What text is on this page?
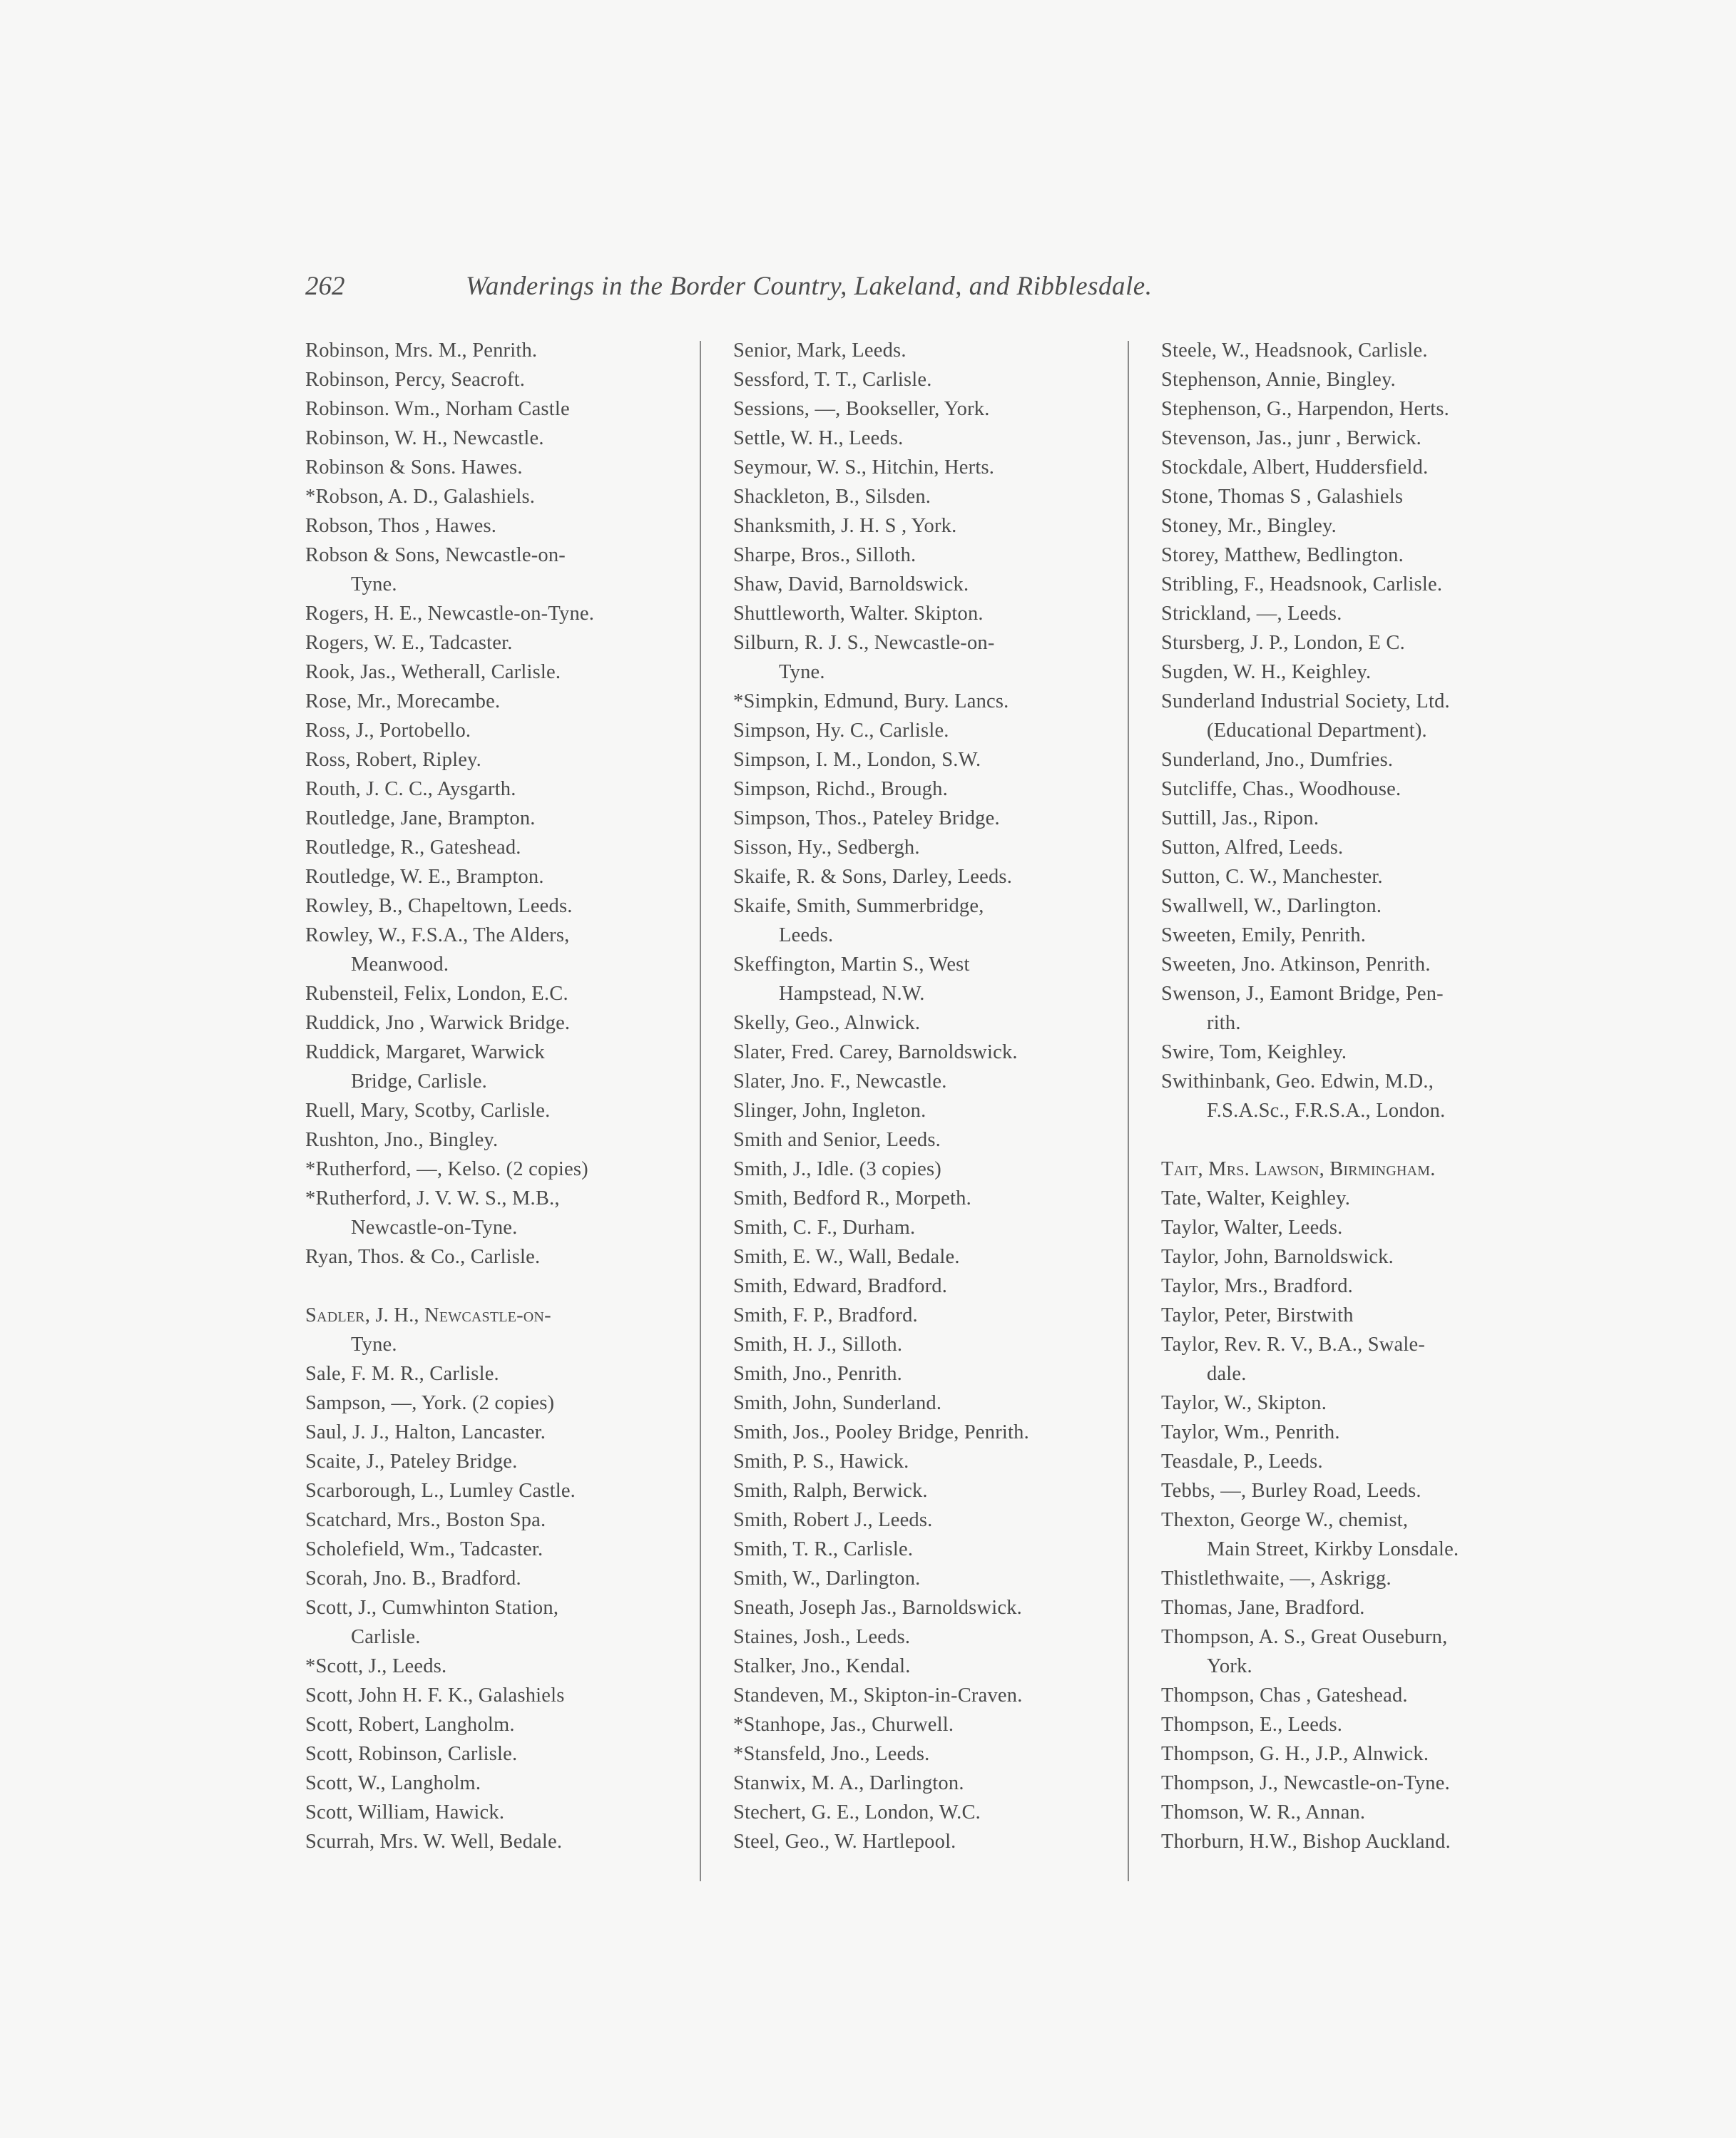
262	Wanderings in the Border Country, Lakeland, and Ribblesdale.
Robinson, Mrs. M., Penrith.
Robinson, Percy, Seacroft.
Robinson. Wm., Norham Castle
Robinson, W. H., Newcastle.
Robinson & Sons. Hawes.
*Robson, A. D., Galashiels.
Robson, Thos , Hawes.
Robson & Sons, Newcastle-on-
Tyne.
Rogers, H. E., Newcastle-on-Tyne.
Rogers, W. E., Tadcaster.
Rook, Jas., Wetherall, Carlisle.
Rose, Mr., Morecambe.
Ross, J., Portobello.
Ross, Robert, Ripley.
Routh, J. C. C., Aysgarth.
Routledge, Jane, Brampton.
Routledge, R., Gateshead.
Routledge, W. E., Brampton.
Rowley, B., Chapeltown, Leeds.
Rowley, W., F.S.A., The Alders,
Meanwood.
Rubensteil, Felix, London, E.C.
Ruddick, Jno , Warwick Bridge.
Ruddick, Margaret, Warwick
Bridge, Carlisle.
Ruell, Mary, Scotby, Carlisle.
Rushton, Jno., Bingley.
*Rutherford, —, Kelso. (2 copies)
*Rutherford, J. V. W. S., M.B.,
Newcastle-on-Tyne.
Ryan, Thos. & Co., Carlisle.
Sadler, J. H., Newcastle-on-
Tyne.
Sale, F. M. R., Carlisle.
Sampson, —, York. (2 copies)
Saul, J. J., Halton, Lancaster.
Scaite, J., Pateley Bridge.
Scarborough, L., Lumley Castle.
Scatchard, Mrs., Boston Spa.
Scholefield, Wm., Tadcaster.
Scorah, Jno. B., Bradford.
Scott, J., Cumwhinton Station,
Carlisle.
*Scott, J., Leeds.
Scott, John H. F. K., Galashiels
Scott, Robert, Langholm.
Scott, Robinson, Carlisle.
Scott, W., Langholm.
Scott, William, Hawick.
Scurrah, Mrs. W. Well, Bedale.
Senior, Mark, Leeds.
Sessford, T. T., Carlisle.
Sessions, —, Bookseller, York.
Settle, W. H., Leeds.
Seymour, W. S., Hitchin, Herts.
Shackleton, B., Silsden.
Shanksmith, J. H. S , York.
Sharpe, Bros., Silloth.
Shaw, David, Barnoldswick.
Shuttleworth, Walter. Skipton.
Silburn, R. J. S., Newcastle-on-
Tyne.
*Simpkin, Edmund, Bury. Lancs.
Simpson, Hy. C., Carlisle.
Simpson, I. M., London, S.W.
Simpson, Richd., Brough.
Simpson, Thos., Pateley Bridge.
Sisson, Hy., Sedbergh.
Skaife, R. & Sons, Darley, Leeds.
Skaife, Smith, Summerbridge,
Leeds.
Skeffington, Martin S., West
Hampstead, N.W.
Skelly, Geo., Alnwick.
Slater, Fred. Carey, Barnoldswick.
Slater, Jno. F., Newcastle.
Slinger, John, Ingleton.
Smith and Senior, Leeds.
Smith, J., Idle. (3 copies)
Smith, Bedford R., Morpeth.
Smith, C. F., Durham.
Smith, E. W., Wall, Bedale.
Smith, Edward, Bradford.
Smith, F. P., Bradford.
Smith, H. J., Silloth.
Smith, Jno., Penrith.
Smith, John, Sunderland.
Smith, Jos., Pooley Bridge, Penrith.
Smith, P. S., Hawick.
Smith, Ralph, Berwick.
Smith, Robert J., Leeds.
Smith, T. R., Carlisle.
Smith, W., Darlington.
Sneath, Joseph Jas., Barnoldswick.
Staines, Josh., Leeds.
Stalker, Jno., Kendal.
Standeven, M., Skipton-in-Craven.
*Stanhope, Jas., Churwell.
*Stansfeld, Jno., Leeds.
Stanwix, M. A., Darlington.
Stechert, G. E., London, W.C.
Steel, Geo., W. Hartlepool.
Steele, W., Headsnook, Carlisle.
Stephenson, Annie, Bingley.
Stephenson, G., Harpendon, Herts.
Stevenson, Jas., junr , Berwick.
Stockdale, Albert, Huddersfield.
Stone, Thomas S , Galashiels
Stoney, Mr., Bingley.
Storey, Matthew, Bedlington.
Stribling, F., Headsnook, Carlisle.
Strickland, —, Leeds.
Stursberg, J. P., London, E C.
Sugden, W. H., Keighley.
Sunderland Industrial Society, Ltd.
(Educational Department).
Sunderland, Jno., Dumfries.
Sutcliffe, Chas., Woodhouse.
Suttill, Jas., Ripon.
Sutton, Alfred, Leeds.
Sutton, C. W., Manchester.
Swallwell, W., Darlington.
Sweeten, Emily, Penrith.
Sweeten, Jno. Atkinson, Penrith.
Swenson, J., Eamont Bridge, Pen-
rith.
Swire, Tom, Keighley.
Swithinbank, Geo. Edwin, M.D.,
F.S.A.Sc., F.R.S.A., London.
Tait, Mrs. Lawson, Birmingham.
Tate, Walter, Keighley.
Taylor, Walter, Leeds.
Taylor, John, Barnoldswick.
Taylor, Mrs., Bradford.
Taylor, Peter, Birstwith
Taylor, Rev. R. V., B.A., Swale-
dale.
Taylor, W., Skipton.
Taylor, Wm., Penrith.
Teasdale, P., Leeds.
Tebbs, —, Burley Road, Leeds.
Thexton, George W., chemist,
Main Street, Kirkby Lonsdale.
Thistlethwaite, —, Askrigg.
Thomas, Jane, Bradford.
Thompson, A. S., Great Ouseburn,
York.
Thompson, Chas , Gateshead.
Thompson, E., Leeds.
Thompson, G. H., J.P., Alnwick.
Thompson, J., Newcastle-on-Tyne.
Thomson, W. R., Annan.
Thorburn, H.W., Bishop Auckland.
